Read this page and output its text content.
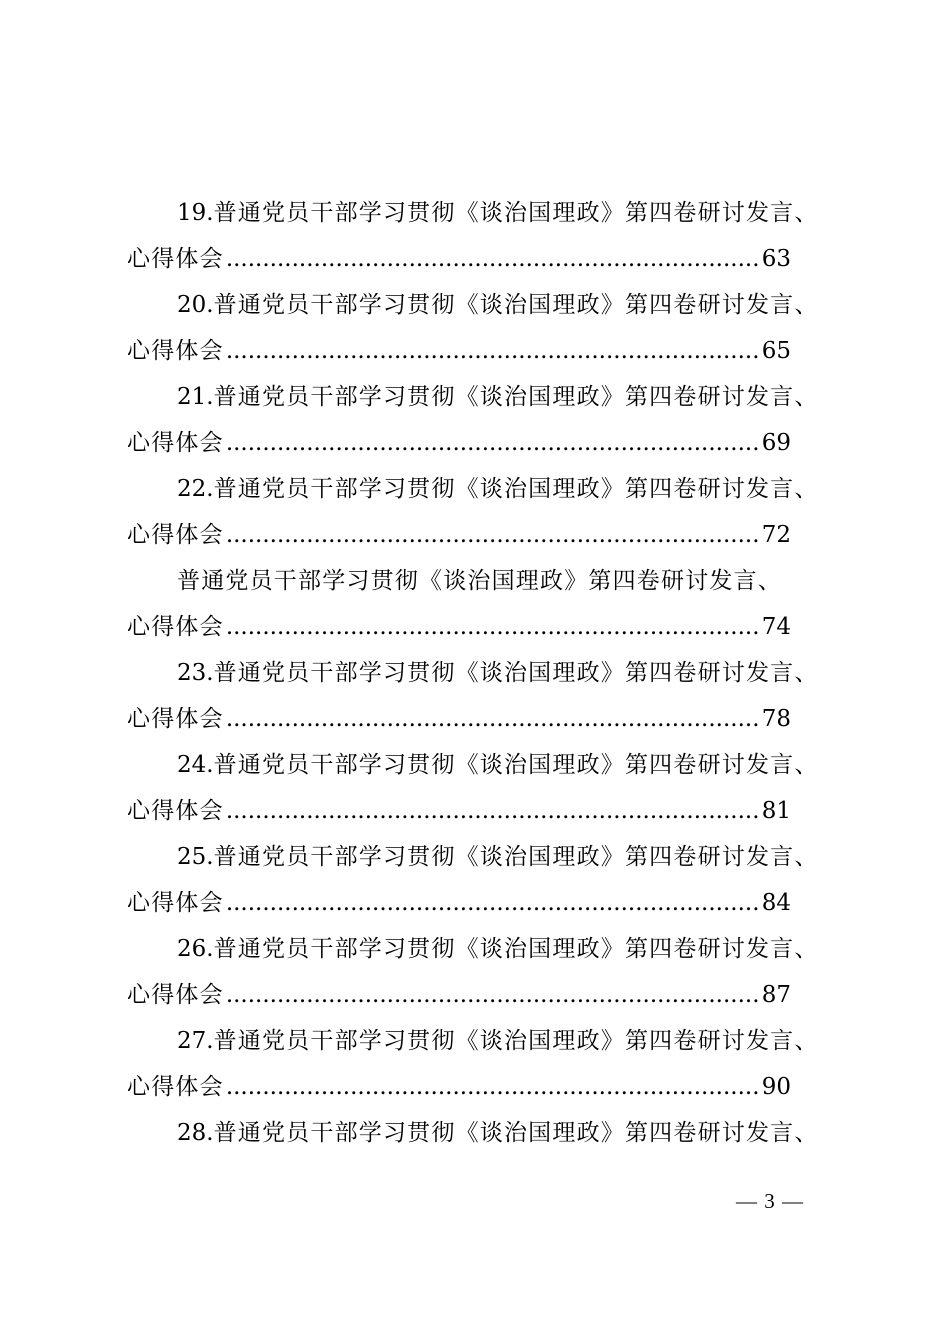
19.普通党员干部学习贯彻《谈治国理政》第四卷研讨发言、
心得体会 .....	63
20.普通党员干部学习贯彻《谈治国理政》第四卷研讨发言、
心得体会 .....	65
21.普通党员干部学习贯彻《谈治国理政》第四卷研讨发言、
心得体会 .....	69
22.普通党员干部学习贯彻《谈治国理政》第四卷研讨发言、
心得体会 .....	72
普通党员干部学习贯彻《谈治国理政》第四卷研讨发言、
心得体会 .....	74
23.普通党员干部学习贯彻《谈治国理政》第四卷研讨发言、
心得体会 .....	78
24.普通党员干部学习贯彻《谈治国理政》第四卷研讨发言、
心得体会 .....	81
25.普通党员干部学习贯彻《谈治国理政》第四卷研讨发言、
心得体会 .....	84
26.普通党员干部学习贯彻《谈治国理政》第四卷研讨发言、
心得体会 .....	87
27.普通党员干部学习贯彻《谈治国理政》第四卷研讨发言、
心得体会 .....	90
28.普通党员干部学习贯彻《谈治国理政》第四卷研讨发言、
— 3 —
